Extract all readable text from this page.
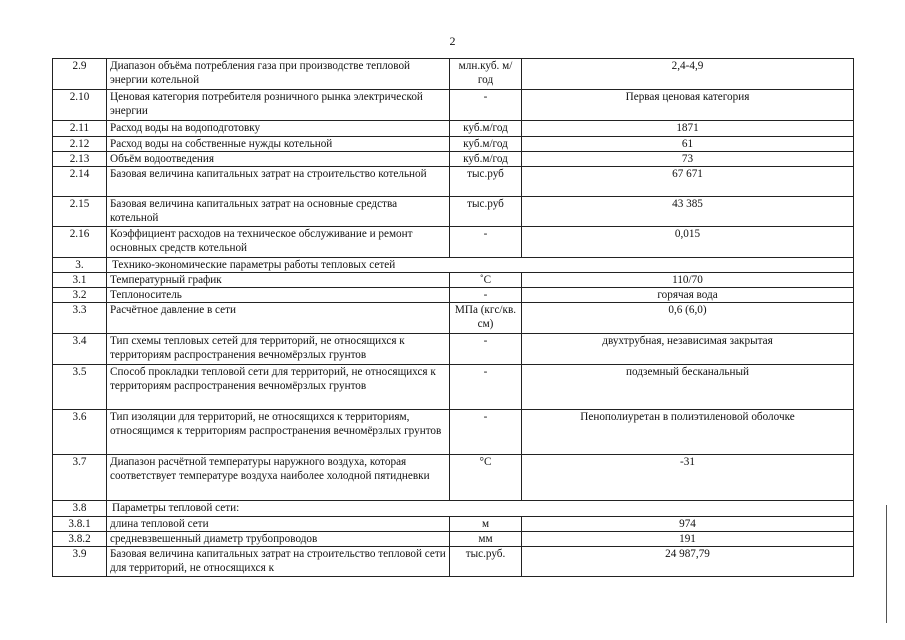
2
2.9	Диапазон объёма потребления газа при производстве тепловой энергии котельной	млн.куб. м/ год	2,4-4,9
2.10	Ценовая категория потребителя розничного рынка электрической энергии	-	Первая ценовая категория
2.11	Расход воды на водоподготовку	куб.м/год	1871
2.12	Расход воды на собственные нужды котельной	куб.м/год	61
2.13	Объём водоотведения	куб.м/год	73
2.14	Базовая величина капитальных затрат на строительство котельной	тыс.руб	67 671
2.15	Базовая величина капитальных затрат на основные средства котельной	тыс.руб	43 385
2.16	Коэффициент расходов на техническое обслуживание и ремонт основных средств котельной	-	0,015
3.	Технико-экономические параметры работы тепловых сетей		
3.1	Температурный график	˚С	110/70
3.2	Теплоноситель	-	горячая вода
3.3	Расчётное давление в сети	МПа (кгс/кв. см)	0,6 (6,0)
3.4	Тип схемы тепловых сетей для территорий, не относящихся к территориям распространения вечномёрзлых грунтов	-	двухтрубная, независимая закрытая
3.5	Способ прокладки тепловой сети для территорий, не относящихся к территориям распространения вечномёрзлых грунтов	-	подземный бесканальный
3.6	Тип изоляции для территорий, не относящихся к территориям, относящимся к территориям распространения вечномёрзлых грунтов	-	Пенополиуретан в полиэтиленовой оболочке
3.7	Диапазон расчётной температуры наружного воздуха, которая соответствует температуре воздуха наиболее холодной пятидневки	°С	-31
3.8	Параметры тепловой сети:		
3.8.1	длина тепловой сети	м	974
3.8.2	средневзвешенный диаметр трубопроводов	мм	191
3.9	Базовая величина капитальных затрат на строительство тепловой сети для территорий, не относящихся к	тыс.руб.	24 987,79
